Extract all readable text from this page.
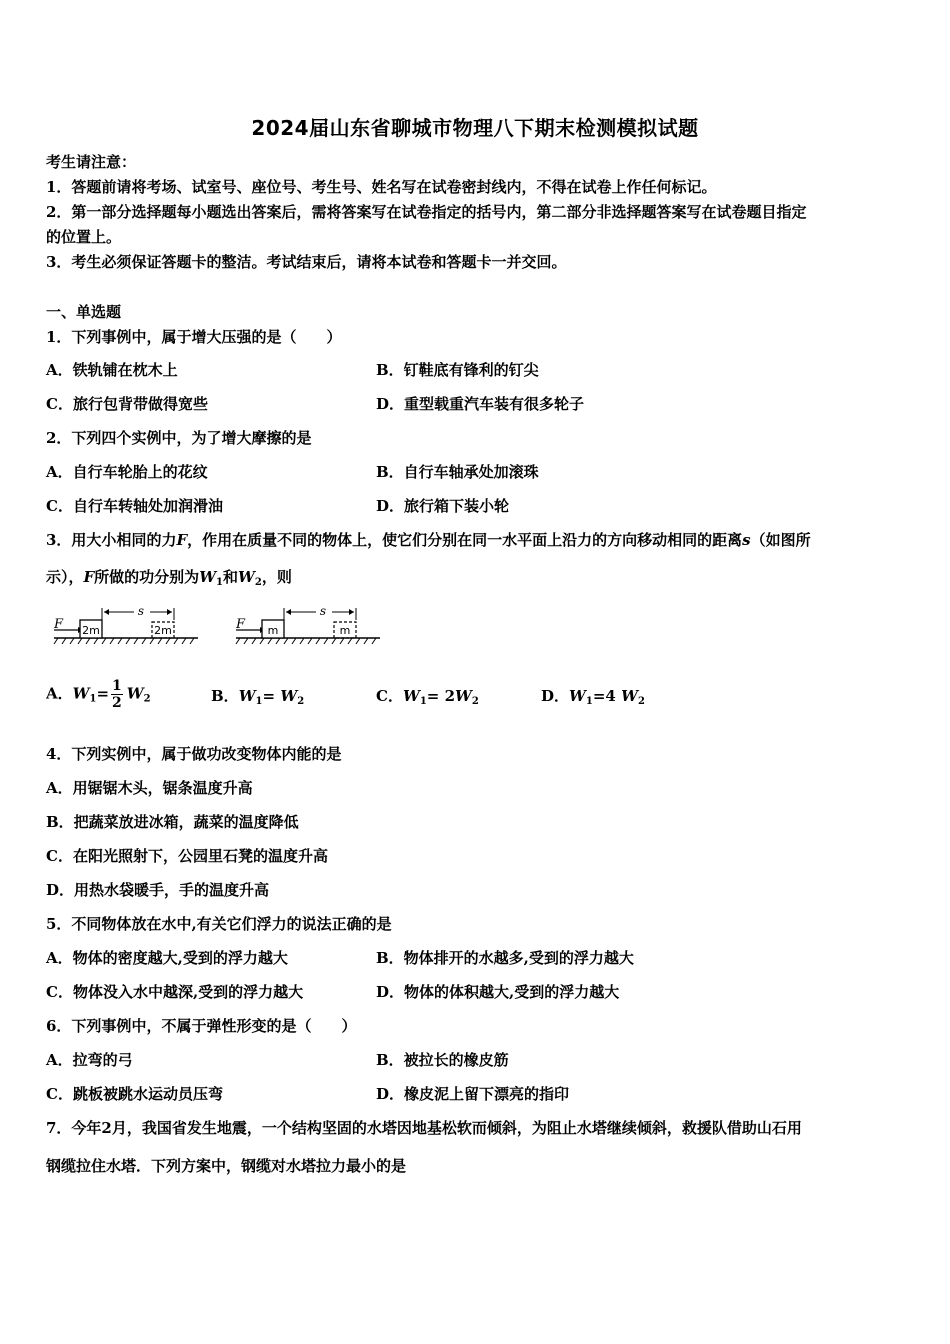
2024届山东省聊城市物理八下期末检测模拟试题
考生请注意：
1．答题前请将考场、试室号、座位号、考生号、姓名写在试卷密封线内，不得在试卷上作任何标记。
2．第一部分选择题每小题选出答案后，需将答案写在试卷指定的括号内，第二部分非选择题答案写在试卷题目指定
的位置上。
3．考生必须保证答题卡的整洁。考试结束后，请将本试卷和答题卡一并交回。
一、单选题
1．下列事例中，属于增大压强的是（　　）
A．铁轨铺在枕木上	B．钉鞋底有锋利的钉尖
C．旅行包背带做得宽些	D．重型载重汽车装有很多轮子
2．下列四个实例中，为了增大摩擦的是
A．自行车轮胎上的花纹	B．自行车轴承处加滚珠
C．自行车转轴处加润滑油	D．旅行箱下装小轮
3．用大小相同的力F，作用在质量不同的物体上，使它们分别在同一水平面上沿力的方向移动相同的距离s（如图所
示），F所做的功分别为$W_1$和$W_2$，则
F 2m
s
2m	F m
s
m
A．$W_1= \frac{1}{2} W_2$	B．$W_1= W_2$	C．$W_1= 2W_2$	D．$W_1=4$ $W_2$
4．下列实例中，属于做功改变物体内能的是
A．用锯锯木头，锯条温度升高
B．把蔬菜放进冰箱，蔬菜的温度降低
C．在阳光照射下，公园里石凳的温度升高
D．用热水袋暖手，手的温度升高
5．不同物体放在水中,有关它们浮力的说法正确的是
A．物体的密度越大,受到的浮力越大	B．物体排开的水越多,受到的浮力越大
C．物体没入水中越深,受到的浮力越大	D．物体的体积越大,受到的浮力越大
6．下列事例中，不属于弹性形变的是（　　）
A．拉弯的弓	B．被拉长的橡皮筋
C．跳板被跳水运动员压弯	D．橡皮泥上留下漂亮的指印
7．今年2月，我国省发生地震，一个结构坚固的水塔因地基松软而倾斜，为阻止水塔继续倾斜，救援队借助山石用
钢缆拉住水塔．下列方案中，钢缆对水塔拉力最小的是
